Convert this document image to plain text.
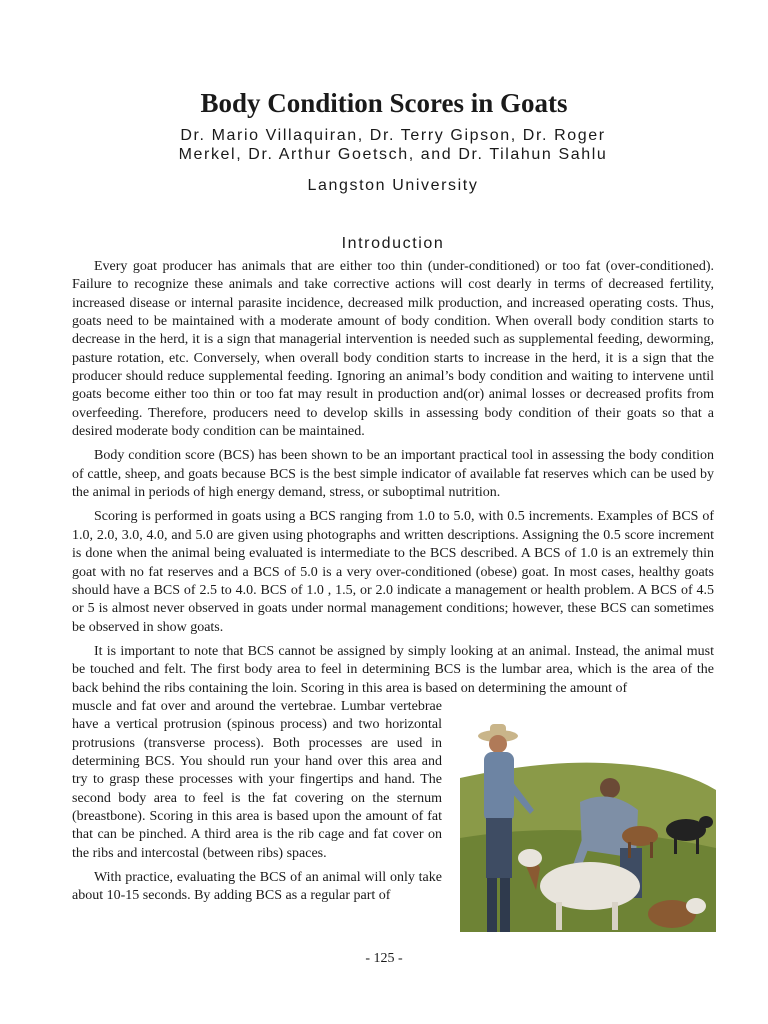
Body Condition Scores in Goats
Dr. Mario Villaquiran, Dr. Terry Gipson, Dr. Roger
Merkel, Dr. Arthur Goetsch, and Dr. Tilahun Sahlu
Langston University
Introduction

Every goat producer has animals that are either too thin (under-conditioned) or too fat (over-conditioned). Failure to recognize these animals and take corrective actions will cost dearly in terms of decreased fertility, increased disease or internal parasite incidence, decreased milk production, and increased operating costs. Thus, goats need to be maintained with a moderate amount of body condition. When overall body condition starts to decrease in the herd, it is a sign that managerial intervention is needed such as supplemental feeding, deworming, pasture rotation, etc. Conversely, when overall body condition starts to increase in the herd, it is a sign that the producer should reduce supplemental feeding. Ignoring an animal’s body condition and waiting to intervene until goats become either too thin or too fat may result in production and(or) animal losses or decreased profits from overfeeding. Therefore, producers need to develop skills in assessing body condition of their goats so that a desired moderate body condition can be maintained.

Body condition score (BCS) has been shown to be an important practical tool in assessing the body condition of cattle, sheep, and goats because BCS is the best simple indicator of available fat reserves which can be used by the animal in periods of high energy demand, stress, or suboptimal nutrition.

Scoring is performed in goats using a BCS ranging from 1.0 to 5.0, with 0.5 increments. Examples of BCS of 1.0, 2.0, 3.0, 4.0, and 5.0 are given using photographs and written descriptions. Assigning the 0.5 score increment is done when the animal being evaluated is intermediate to the BCS described. A BCS of 1.0 is an extremely thin goat with no fat reserves and a BCS of 5.0 is a very over-conditioned (obese) goat. In most cases, healthy goats should have a BCS of 2.5 to 4.0. BCS of 1.0 , 1.5, or 2.0 indicate a management or health problem. A BCS of 4.5 or 5 is almost never observed in goats under normal management conditions; however, these BCS can sometimes be observed in show goats.

It is important to note that BCS cannot be assigned by simply looking at an animal. Instead, the animal must be touched and felt. The first body area to feel in determining BCS is the lumbar area, which is the area of the back behind the ribs containing the loin. Scoring in this area is based on determining the amount of

muscle and fat over and around the vertebrae. Lumbar vertebrae have a vertical protrusion (spinous process) and two horizontal protrusions (transverse process). Both processes are used in determining BCS. You should run your hand over this area and try to grasp these processes with your fingertips and hand. The second body area to feel is the fat covering on the sternum (breastbone). Scoring in this area is based upon the amount of fat that can be pinched. A third area is the rib cage and fat cover on the ribs and intercostal (between ribs) spaces.

With practice, evaluating the BCS of an animal will only take about 10-15 seconds. By adding BCS as a regular part of

- 125 -
